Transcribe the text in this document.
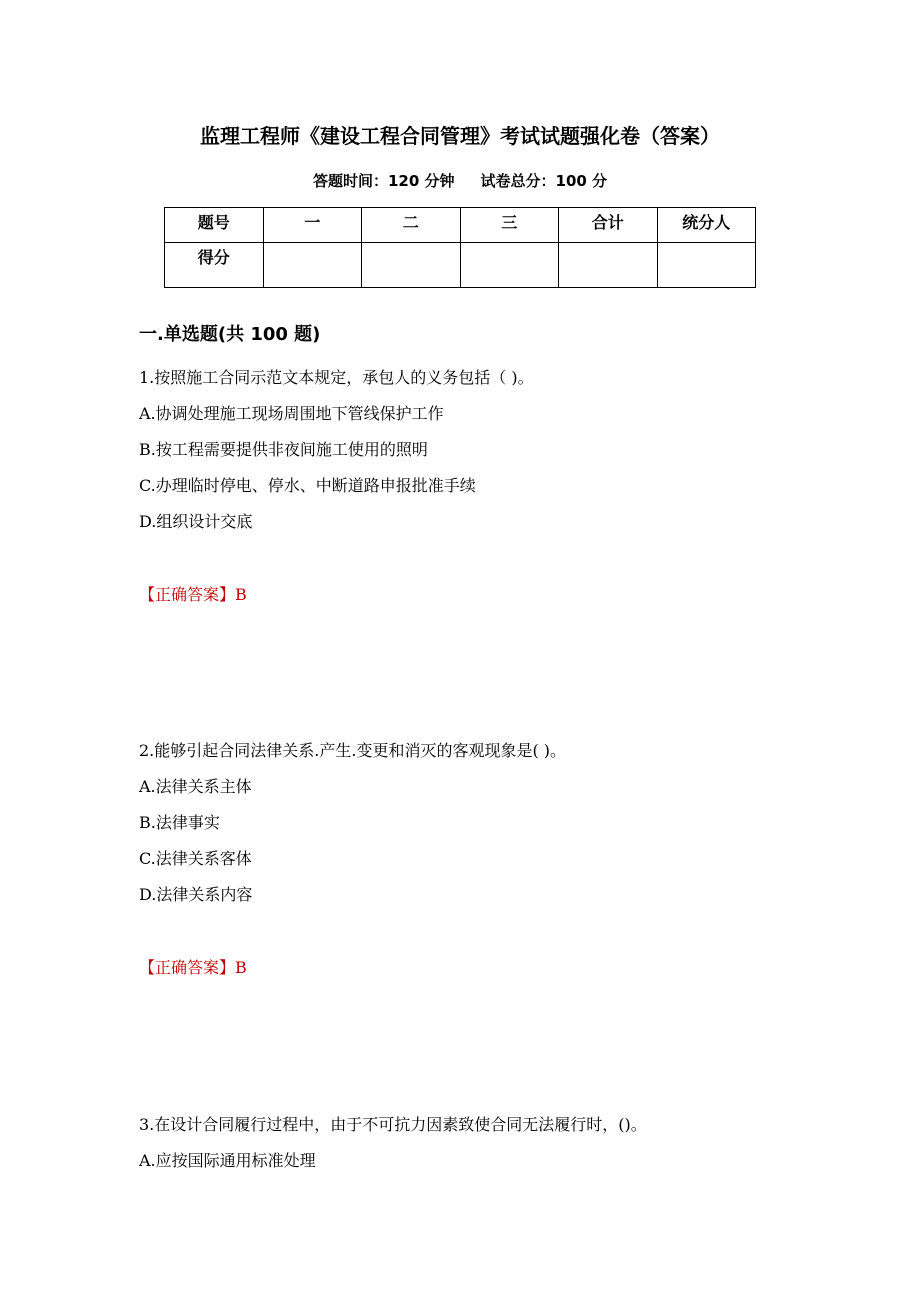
监理工程师《建设工程合同管理》考试试题强化卷（答案）
答题时间：120 分钟 试卷总分：100 分
题号	一	二	三	合计	统分人
得分					
一.单选题(共 100 题)
1.按照施工合同示范文本规定，承包人的义务包括（ )。
A.协调处理施工现场周围地下管线保护工作
B.按工程需要提供非夜间施工使用的照明
C.办理临时停电、停水、中断道路申报批准手续
D.组织设计交底
【正确答案】B
2.能够引起合同法律关系.产生.变更和消灭的客观现象是( )。
A.法律关系主体
B.法律事实
C.法律关系客体
D.法律关系内容
【正确答案】B
3.在设计合同履行过程中，由于不可抗力因素致使合同无法履行时，()。
A.应按国际通用标准处理
